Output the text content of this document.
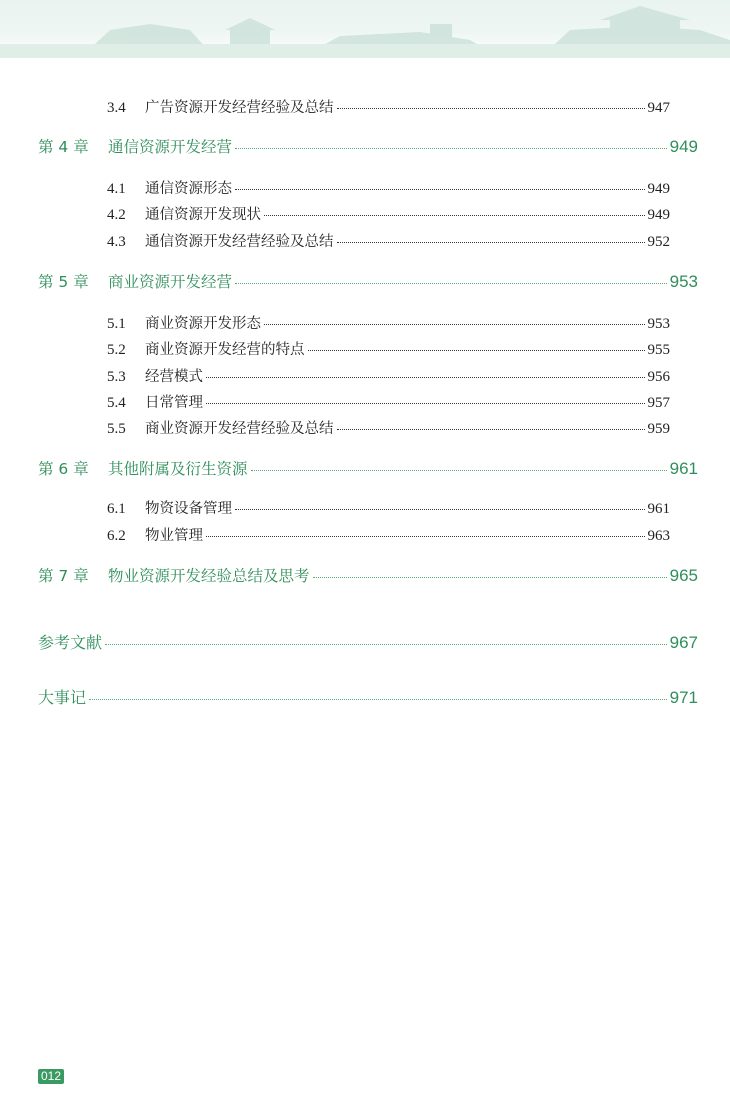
3.4	广告资源开发经营经验及总结	947
第 4 章	通信资源开发经营	949
4.1	通信资源形态	949
4.2	通信资源开发现状	949
4.3	通信资源开发经营经验及总结	952
第 5 章	商业资源开发经营	953
5.1	商业资源开发形态	953
5.2	商业资源开发经营的特点	955
5.3	经营模式	956
5.4	日常管理	957
5.5	商业资源开发经营经验及总结	959
第 6 章	其他附属及衍生资源	961
6.1	物资设备管理	961
6.2	物业管理	963
第 7 章	物业资源开发经验总结及思考	965
参考文献	967
大事记	971
012
